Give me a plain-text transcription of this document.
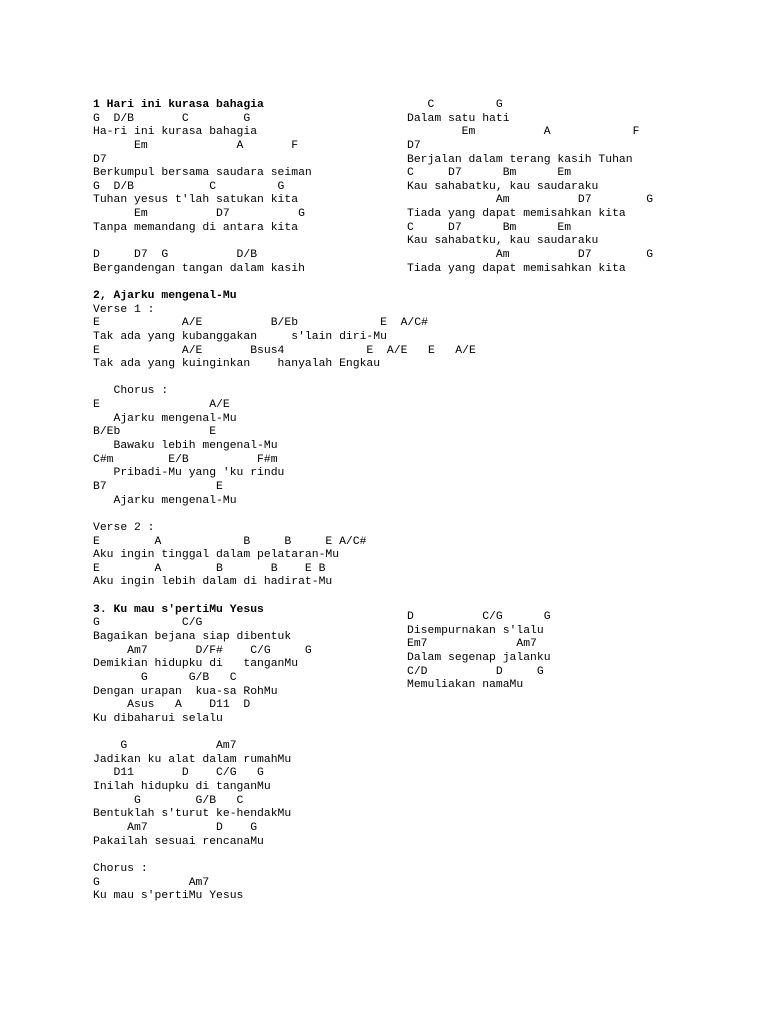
1 Hari ini kurasa bahagia
G  D/B       C        G
Ha-ri ini kurasa bahagia
Em             A       F
D7
Berkumpul bersama saudara seiman
G  D/B           C         G
Tuhan yesus t'lah satukan kita
Em          D7          G
Tanpa memandang di antara kita
D     D7  G          D/B
Bergandengan tangan dalam kasih
2, Ajarku mengenal-Mu
Verse 1 :
E            A/E          B/Eb            E  A/C#
Tak ada yang kubanggakan     s'lain diri-Mu
E            A/E       Bsus4            E  A/E   E   A/E
Tak ada yang kuinginkan    hanyalah Engkau
Chorus :
E                A/E
Ajarku mengenal-Mu
B/Eb             E
Bawaku lebih mengenal-Mu
C#m        E/B          F#m
Pribadi-Mu yang 'ku rindu
B7                E
Ajarku mengenal-Mu
Verse 2 :
E        A            B     B     E A/C#
Aku ingin tinggal dalam pelataran-Mu
E        A        B       B    E B
Aku ingin lebih dalam di hadirat-Mu
3. Ku mau s'pertiMu Yesus
G            C/G
Bagaikan bejana siap dibentuk
Am7       D/F#    C/G     G
Demikian hidupku di   tanganMu
G      G/B   C
Dengan urapan  kua-sa RohMu
Asus   A    D11  D
Ku dibaharui selalu
G             Am7
Jadikan ku alat dalam rumahMu
D11       D    C/G   G
Inilah hidupku di tanganMu
G        G/B   C
Bentuklah s'turut ke-hendakMu
Am7          D    G
Pakailah sesuai rencanaMu
Chorus :
G             Am7
Ku mau s'pertiMu Yesus
C         G
Dalam satu hati
Em          A            F
D7
Berjalan dalam terang kasih Tuhan
C     D7      Bm      Em
Kau sahabatku, kau saudaraku
Am          D7        G
Tiada yang dapat memisahkan kita
C     D7      Bm      Em
Kau sahabatku, kau saudaraku
Am          D7        G
Tiada yang dapat memisahkan kita
D          C/G      G
Disempurnakan s'lalu
Em7             Am7
Dalam segenap jalanku
C/D          D     G
Memuliakan namaMu
